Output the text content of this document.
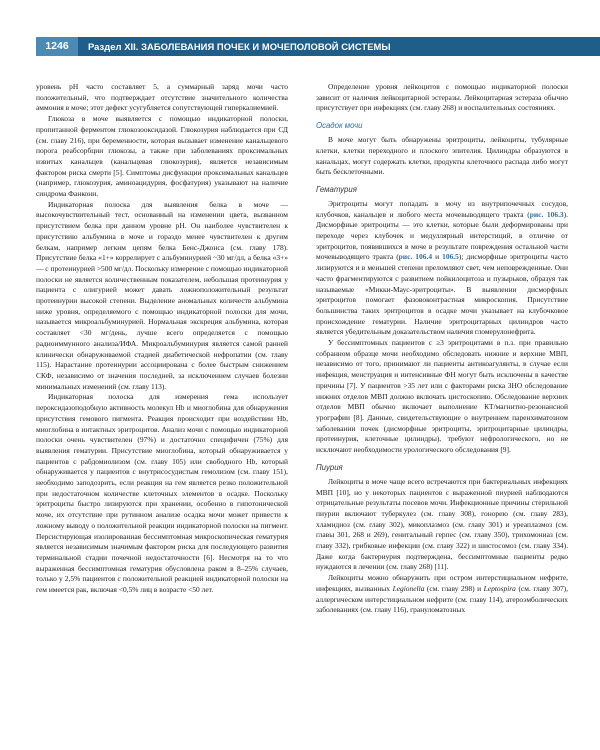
1246	Раздел XII. ЗАБОЛЕВАНИЯ ПОЧЕК И МОЧЕПОЛОВОЙ СИСТЕМЫ

уровень рН часто составляет 5, а суммарный заряд мочи часто положительный, что подтверждает отсутствие значительного количества аммония в моче; этот дефект усугубляется сопутствующей гиперкалиемией.

Глюкоза в моче выявляется с помощью индикаторной полоски, пропитанной ферментом глюкозооксидазой. Глюкозурия наблюдается при СД (см. главу 216), при беременности, которая вызывает изменение канальцевого порога реабсорбции глюкозы, а также при заболеваниях проксимальных извитых канальцев (канальцевая глюкозурия), является независимым фактором риска смерти [5]. Симптомы дисфункции проксимальных канальцев (например, глюкозурия, аминоацидурия, фосфатурия) указывают на наличие синдрома Фанкони.

Индикаторная полоска для выявления белка в моче — высокочувствительный тест, основанный на изменении цвета, вызванном присутствием белка при данном уровне рН. Он наиболее чувствителен к присутствию альбумина в моче и гораздо менее чувствителен к другим белкам, например легким цепям белка Бенс-Джонса (см. главу 178). Присутствие белка «1+» коррелирует с альбуминурией ~30 мг/дл, а белка «3+» — с протеинурией >500 мг/дл. Поскольку измерение с помощью индикаторной полоски не является количественным показателем, небольшая протеинурия у пациента с олигурией может давать ложноположительный результат протеинурии высокой степени. Выделение аномальных количеств альбумина ниже уровня, определяемого с помощью индикаторной полоски для мочи, называется микроальбуминурией. Нормальная экскреция альбумина, которая составляет <30 мг/день, лучше всего определяется с помощью радиоиммунного анализа/ИФА. Микроальбуминурия является самой ранней клинически обнаруживаемой стадией диабетической нефропатии (см. главу 115). Нарастание протеинурии ассоциирована с более быстрым снижением СКФ, независимо от значения последней, за исключением случаев болезни минимальных изменений (см. главу 113).

Индикаторная полоска для измерения гема использует пероксидазоподобную активность молекул Hb и миоглобина для обнаружения присутствия гемового пигмента. Реакция происходит при воздействии Hb, миоглобина в интактных эритроцитов. Анализ мочи с помощью индикаторной полоски очень чувствителен (97%) и достаточно специфичен (75%) для выявления гематурии. Присутствие миоглобина, который обнаруживается у пациентов с рабдомиолизом (см. главу 105) или свободного Hb, который обнаруживается у пациентов с внутрисосудистым гемолизом (см. главу 151), необходимо заподозрить, если реакция на гем является резко положительной при недостаточном количестве клеточных элементов в осадке. Поскольку эритроциты быстро лизируются при хранении, особенно в гипотонической моче, их отсутствие при рутинном анализе осадка мочи может привести к ложному выводу о положительной реакции индикаторной полоски на пигмент. Персистирующая изолированная бессимптомная микроскопическая гематурия является независимым значимым фактором риска для последующего развития терминальной стадии почечной недостаточности [6]. Несмотря на то что выраженная бессимптомная гематурия обусловлена раком в 8–25% случаев, только у 2,5% пациентов с положительной реакцией индикаторной полоски на гем имеется рак, включая <0,5% лиц в возрасте <50 лет.

Определение уровня лейкоцитов с помощью индикаторной полоски зависит от наличия лейкоцитарной эстеразы. Лейкоцитарная эстераза обычно присутствует при инфекциях (см. главу 268) и воспалительных состояниях.

Осадок мочи

В моче могут быть обнаружены эритроциты, лейкоциты, тубулярные клетки, клетки переходного и плоского эпителия. Цилиндры образуются в канальцах, могут содержать клетки, продукты клеточного распада либо могут быть бесклеточными.

Гематурия

Эритроциты могут попадать в мочу из внутрипочечных сосудов, клубочков, канальцев и любого места мочевыводящего тракта (рис. 106.3). Дисморфные эритроциты — это клетки, которые были деформированы при переходе через клубочек и медуллярный интерстиций, в отличие от эритроцитов, появившихся в моче в результате повреждения остальной части мочевыводящего тракта (рис. 106.4 и 106.5); дисморфные эритроциты часто лизируются и в меньшей степени преломляют свет, чем неповрежденные. Они часто фрагментируются с развитием пойкилоцитоза и пузырьков, образуя так называемые «Микки-Маус-эритроциты». В выявлении дисморфных эритроцитов помогает фазовоконтрастная микроскопия. Присутствие большинства таких эритроцитов в осадке мочи указывает на клубочковое происхождение гематурии. Наличие эритроцитарных цилиндров часто является убедительным доказательством наличия гломерулонефрита.

У бессимптомных пациентов с ≥3 эритроцитами в п.з. при правильно собранном образце мочи необходимо обследовать нижние и верхние МВП, независимо от того, принимают ли пациенты антикоагулянты, в случае если инфекция, менструация и интенсивные ФН могут быть исключены в качестве причины [7]. У пациентов >35 лет или с факторами риска ЗНО обследование нижних отделов МВП должно включать цистоскопию. Обследование верхних отделов МВП обычно включает выполнение КТ/магнитно-резонансной урографии [8]. Данные, свидетельствующие о внутреннем паренхиматозном заболевании почек (дисморфные эритроциты, эритроцитарные цилиндры, протеинурия, клеточные цилиндры), требуют нефрологического, но не исключают необходимости урологического обследования [9].

Пиурия

Лейкоциты в моче чаще всего встречаются при бактериальных инфекциях МВП [10], но у некоторых пациентов с выраженной пиурией наблюдаются отрицательные результаты посевов мочи. Инфекционные причины стерильной пиурии включают туберкулез (см. главу 308), гонорею (см. главу 283), хламидиоз (см. главу 302), микоплазмоз (см. главу 301) и уреаплазмоз (см. главы 301, 268 и 269), генитальный герпес (см. главу 350), трихомониаз (см. главу 332), грибковые инфекции (см. главу 322) и шистосомоз (см. главу 334). Даже когда бактериурия подтверждена, бессимптомные пациенты редко нуждаются в лечении (см. главу 268) [11].

Лейкоциты можно обнаружить при остром интерстициальном нефрите, инфекциях, вызванных Legionella (см. главу 298) и Leptospira (см. главу 307), аллергическом интерстициальном нефрите (см. главу 114), атероэмболических заболеваниях (см. главу 116), грануломатозных
